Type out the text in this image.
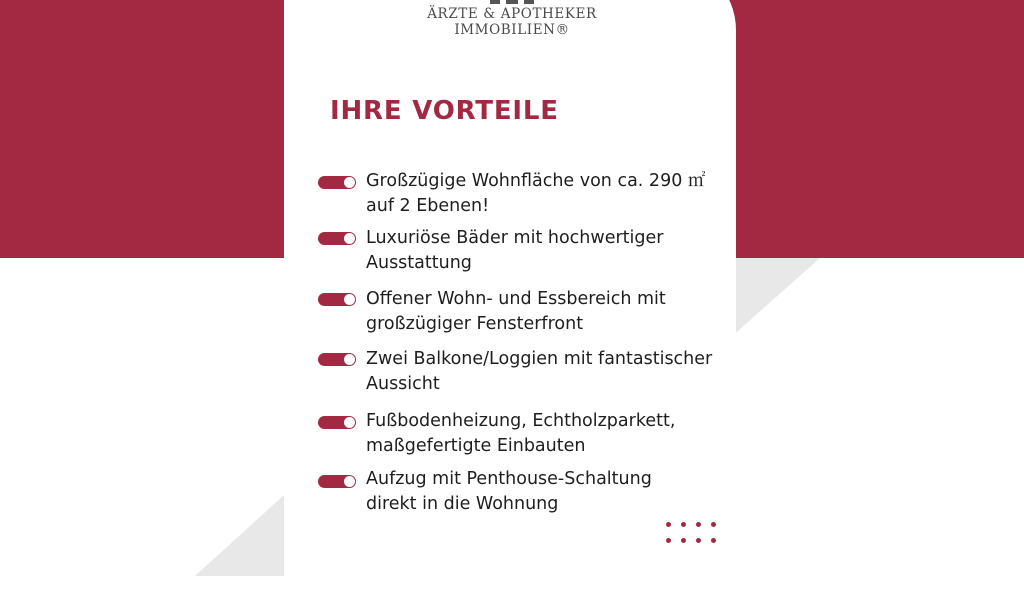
ÄRZTE & APOTHEKER
IMMOBILIEN®
IHRE VORTEILE
Großzügige Wohnfläche von ca. 290 ㎡
auf 2 Ebenen!
Luxuriöse Bäder mit hochwertiger
Ausstattung
Offener Wohn- und Essbereich mit
großzügiger Fensterfront
Zwei Balkone/Loggien mit fantastischer
Aussicht
Fußbodenheizung, Echtholzparkett,
maßgefertigte Einbauten
Aufzug mit Penthouse-Schaltung
direkt in die Wohnung
